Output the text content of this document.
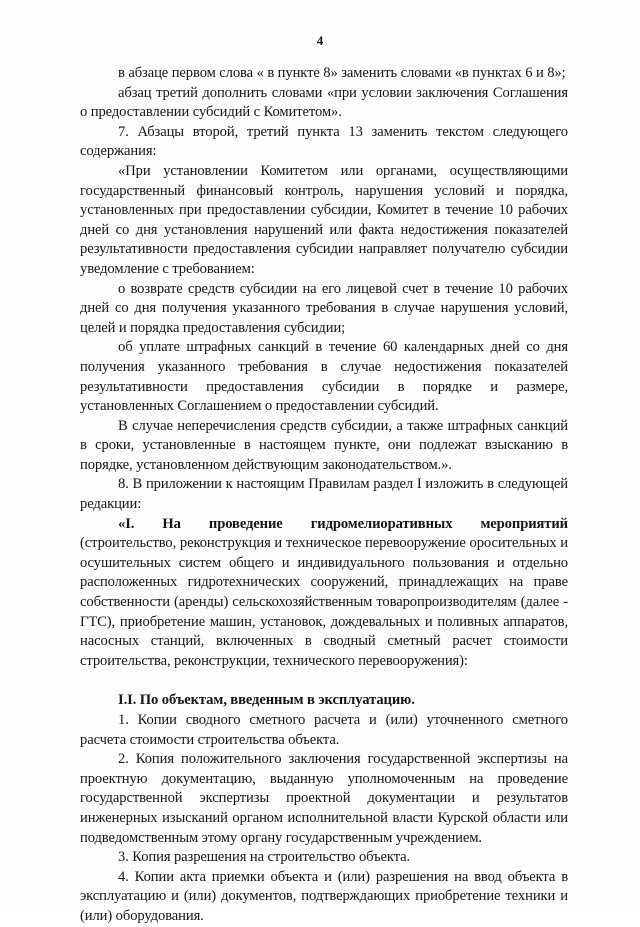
4

в абзаце первом слова « в пункте 8» заменить словами «в пунктах 6 и 8»;

абзац третий дополнить словами «при условии заключения Соглашения о предоставлении субсидий с Комитетом».

7. Абзацы второй, третий пункта 13 заменить текстом следующего содержания:

«При установлении Комитетом или органами, осуществляющими государственный финансовый контроль, нарушения условий и порядка, установленных при предоставлении субсидии, Комитет в течение 10 рабочих дней со дня установления нарушений или факта недостижения показателей результативности предоставления субсидии направляет получателю субсидии уведомление с требованием:

о возврате средств субсидии на его лицевой счет в течение 10 рабочих дней со дня получения указанного требования в случае нарушения условий, целей и порядка предоставления субсидии;

об уплате штрафных санкций в течение 60 календарных дней со дня получения указанного требования в случае недостижения показателей результативности предоставления субсидии в порядке и размере, установленных Соглашением о предоставлении субсидий.

В случае неперечисления средств субсидии, а также штрафных санкций в сроки, установленные в настоящем пункте, они подлежат взысканию в порядке, установленном действующим законодательством.».

8. В приложении к настоящим Правилам раздел I изложить в следующей редакции:

«I. На проведение гидромелиоративных мероприятий (строительство, реконструкция и техническое перевооружение оросительных и осушительных систем общего и индивидуального пользования и отдельно расположенных гидротехнических сооружений, принадлежащих на праве собственности (аренды) сельскохозяйственным товаропроизводителям (далее - ГТС), приобретение машин, установок, дождевальных и поливных аппаратов, насосных станций, включенных в сводный сметный расчет стоимости строительства, реконструкции, технического перевооружения):

I.I. По объектам, введенным в эксплуатацию.

1. Копии сводного сметного расчета и (или) уточненного сметного расчета стоимости строительства объекта.

2. Копия положительного заключения государственной экспертизы на проектную документацию, выданную уполномоченным на проведение государственной экспертизы проектной документации и результатов инженерных изысканий органом исполнительной власти Курской области или подведомственным этому органу государственным учреждением.

3. Копия разрешения на строительство объекта.

4. Копии акта приемки объекта и (или) разрешения на ввод объекта в эксплуатацию и (или) документов, подтверждающих приобретение техники и (или) оборудования.
